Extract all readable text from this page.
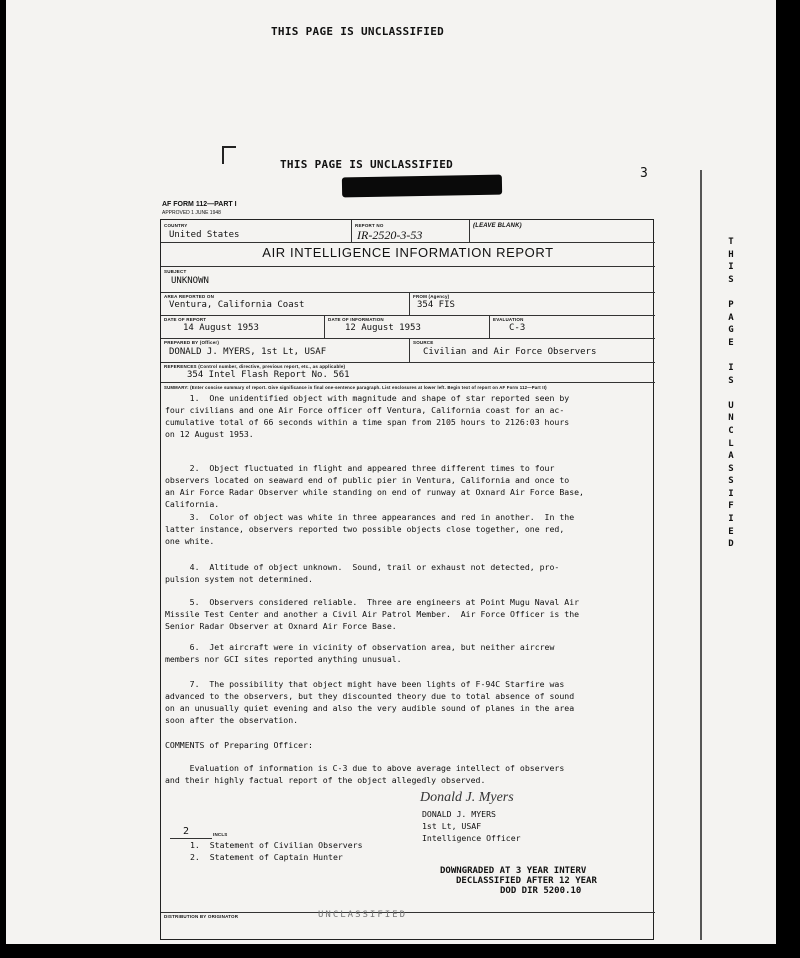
THIS PAGE IS UNCLASSIFIED
THIS PAGE IS UNCLASSIFIED
3
AF FORM 112—PART I
APPROVED 1 JUNE 1948
COUNTRY
United States
REPORT NO
IR-2520-3-53
(LEAVE BLANK)
AIR INTELLIGENCE INFORMATION REPORT
SUBJECT
UNKNOWN
AREA REPORTED ON
Ventura, California Coast
FROM (Agency)
354 FIS
DATE OF REPORT
14 August 1953
DATE OF INFORMATION
12 August 1953
EVALUATION
C-3
PREPARED BY (Officer)
DONALD J. MYERS, 1st Lt, USAF
SOURCE
Civilian and Air Force Observers
REFERENCES (Control number, directive, previous report, etc., as applicable)
354 Intel Flash Report No. 561
SUMMARY: (Enter concise summary of report. Give significance in final one-sentence paragraph. List enclosures at lower left. Begin text of report on AF Form 112—Part II)
DISTRIBUTION BY ORIGINATOR
1.  One unidentified object with magnitude and shape of star reported seen by
four civilians and one Air Force officer off Ventura, California coast for an ac-
cumulative total of 66 seconds within a time span from 2105 hours to 2126:03 hours
on 12 August 1953.
2.  Object fluctuated in flight and appeared three different times to four
observers located on seaward end of public pier in Ventura, California and once to
an Air Force Radar Observer while standing on end of runway at Oxnard Air Force Base,
California.
3.  Color of object was white in three appearances and red in another.  In the
latter instance, observers reported two possible objects close together, one red,
one white.
4.  Altitude of object unknown.  Sound, trail or exhaust not detected, pro-
pulsion system not determined.
5.  Observers considered reliable.  Three are engineers at Point Mugu Naval Air
Missile Test Center and another a Civil Air Patrol Member.  Air Force Officer is the
Senior Radar Observer at Oxnard Air Force Base.
6.  Jet aircraft were in vicinity of observation area, but neither aircrew
members nor GCI sites reported anything unusual.
7.  The possibility that object might have been lights of F-94C Starfire was
advanced to the observers, but they discounted theory due to total absence of sound
on an unusually quiet evening and also the very audible sound of planes in the area
soon after the observation.
COMMENTS of Preparing Officer:
Evaluation of information is C-3 due to above average intellect of observers
and their highly factual report of the object allegedly observed.
Donald J. Myers
DONALD J. MYERS
1st Lt, USAF
Intelligence Officer
2	INCLS
1.  Statement of Civilian Observers
2.  Statement of Captain Hunter
DOWNGRADED AT 3 YEAR INTERV
DECLASSIFIED AFTER 12 YEAR
DOD DIR 5200.10
UNCLASSIFIED
T
H
I
S
P
A
G
E
I
S
U
N
C
L
A
S
S
I
F
I
E
D
